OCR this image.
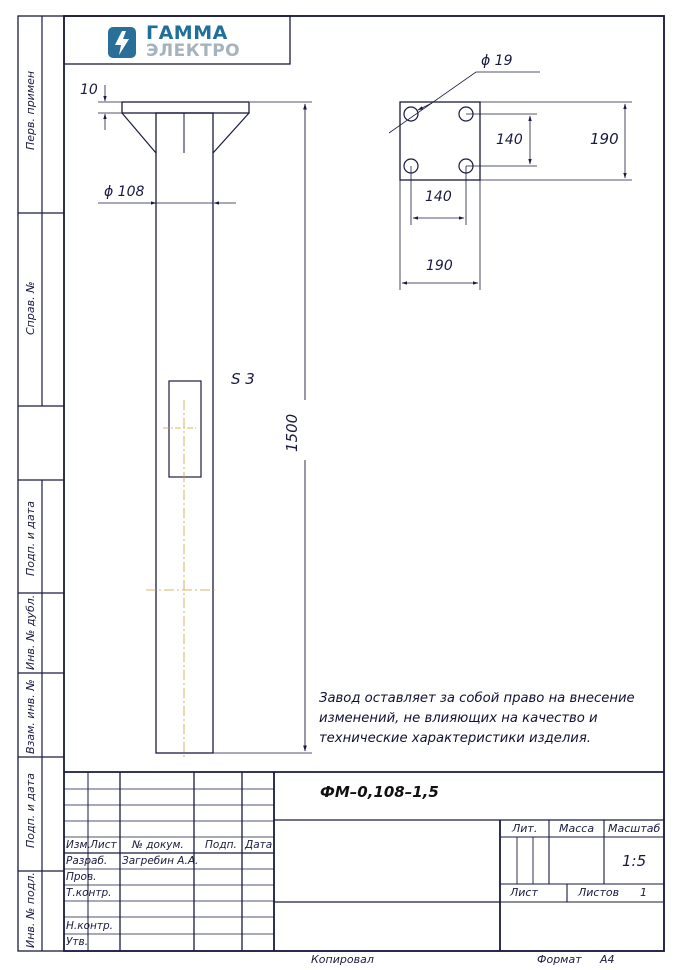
ГАММА
ЭЛЕКТРО
Перв. примен
Справ. №
Подп. и дата
Инв. № дубл.
Взам. инв. №
Подп. и дата
Инв. № подл.
10
ϕ 108
S 3
1500
ϕ 19
140	190
140
190
Завод оставляет за собой право на внесение изменений, не влияющих на качество и технические характеристики изделия.
ФМ–0,108–1,5
Изм. Лист № докум. Подп. Дата
Разраб. Загребин А.А.
Пров.
Т.контр.
Н.контр.
Утв.
Лит. Масса Масштаб
1:5
Лист	Листов 1
Копировал	Формат А4
